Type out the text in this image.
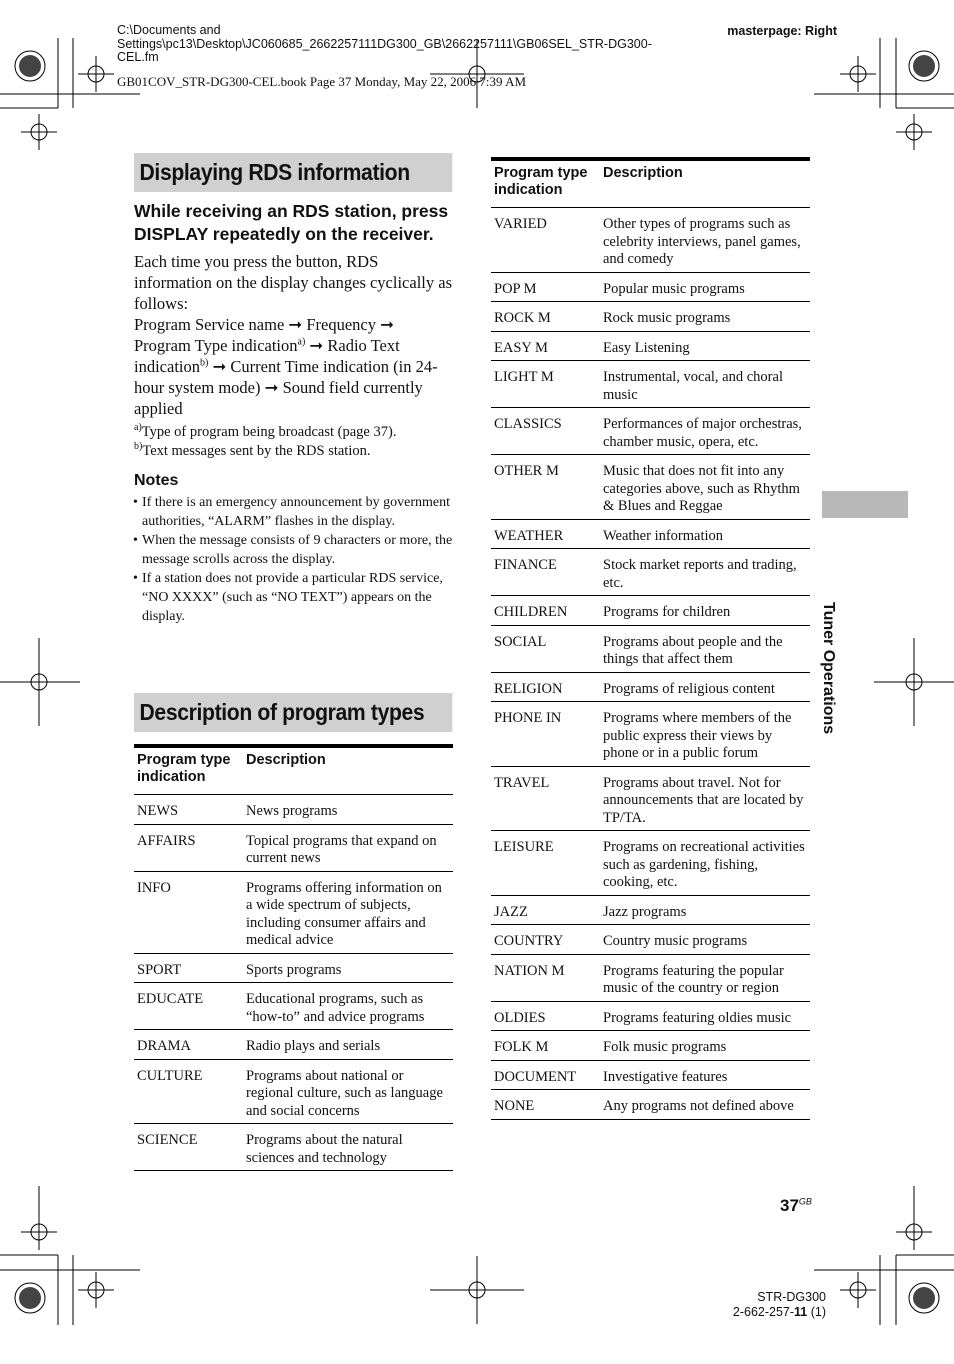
C:\Documents and
Settings\pc13\Desktop\JC060685_2662257111DG300_GB\2662257111\GB06SEL_STR-DG300-
CEL.fm
masterpage: Right
GB01COV_STR-DG300-CEL.book Page 37 Monday, May 22, 2006 7:39 AM
Displaying RDS information
While receiving an RDS station, press DISPLAY repeatedly on the receiver.
Each time you press the button, RDS information on the display changes cyclically as follows:
Program Service name ➞ Frequency ➞ Program Type indication$^{a)}$ ➞ Radio Text indication$^{b)}$ ➞ Current Time indication (in 24-hour system mode) ➞ Sound field currently applied
$^{a)}$Type of program being broadcast (page 37).
$^{b)}$Text messages sent by the RDS station.
Notes
• If there is an emergency announcement by government authorities, “ALARM” flashes in the display.
• When the message consists of 9 characters or more, the message scrolls across the display.
• If a station does not provide a particular RDS service, “NO XXXX” (such as “NO TEXT”) appears on the display.
Description of program types
Program type indication	Description
NEWS	News programs
AFFAIRS	Topical programs that expand on current news
INFO	Programs offering information on a wide spectrum of subjects, including consumer affairs and medical advice
SPORT	Sports programs
EDUCATE	Educational programs, such as “how-to” and advice programs
DRAMA	Radio plays and serials
CULTURE	Programs about national or regional culture, such as language and social concerns
SCIENCE	Programs about the natural sciences and technology
Program type indication	Description
VARIED	Other types of programs such as celebrity interviews, panel games, and comedy
POP M	Popular music programs
ROCK M	Rock music programs
EASY M	Easy Listening
LIGHT M	Instrumental, vocal, and choral music
CLASSICS	Performances of major orchestras, chamber music, opera, etc.
OTHER M	Music that does not fit into any categories above, such as Rhythm & Blues and Reggae
WEATHER	Weather information
FINANCE	Stock market reports and trading, etc.
CHILDREN	Programs for children
SOCIAL	Programs about people and the things that affect them
RELIGION	Programs of religious content
PHONE IN	Programs where members of the public express their views by phone or in a public forum
TRAVEL	Programs about travel. Not for announcements that are located by TP/TA.
LEISURE	Programs on recreational activities such as gardening, fishing, cooking, etc.
JAZZ	Jazz programs
COUNTRY	Country music programs
NATION M	Programs featuring the popular music of the country or region
OLDIES	Programs featuring oldies music
FOLK M	Folk music programs
DOCUMENT	Investigative features
NONE	Any programs not defined above
Tuner Operations
$37^{GB}$
STR-DG300
2-662-257-11 (1)
